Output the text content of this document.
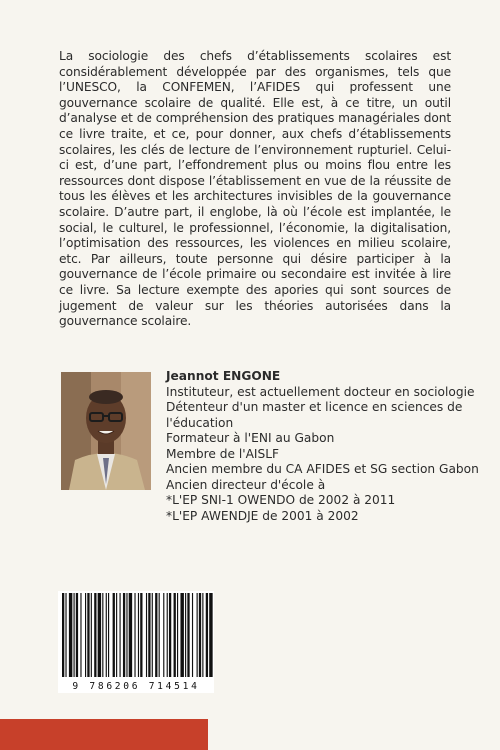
La sociologie des chefs d’établissements scolaires est considérablement développée par des organismes, tels que l’UNESCO, la CONFEMEN, l’AFIDES qui professent une gouvernance scolaire de qualité. Elle est, à ce titre, un outil d’analyse et de compréhension des pratiques managériales dont ce livre traite, et ce, pour donner, aux chefs d’établissements scolaires, les clés de lecture de l’environnement rupturiel. Celui-ci est, d’une part, l’effondrement plus ou moins flou entre les ressources dont dispose l’établissement en vue de la réussite de tous les élèves et les architectures invisibles de la gouvernance scolaire. D’autre part, il englobe, là où l’école est implantée, le social, le culturel, le professionnel, l’économie, la digitalisation, l’optimisation des ressources, les violences en milieu scolaire, etc. Par ailleurs, toute personne qui désire participer à la gouvernance de l’école primaire ou secondaire est invitée à lire ce livre. Sa lecture exempte des apories qui sont sources de jugement de valeur sur les théories autorisées dans la gouvernance scolaire.

Jeannot ENGONE
Instituteur, est actuellement docteur en sociologie
Détenteur d'un master et licence en sciences de
l'éducation
Formateur à l'ENI au Gabon
Membre de l'AISLF
Ancien membre du CA AFIDES et SG section Gabon
Ancien directeur d'école à
*L'EP SNI-1 OWENDO de 2002 à 2011
*L'EP AWENDJE de 2001 à 2002
9 786206 714514
